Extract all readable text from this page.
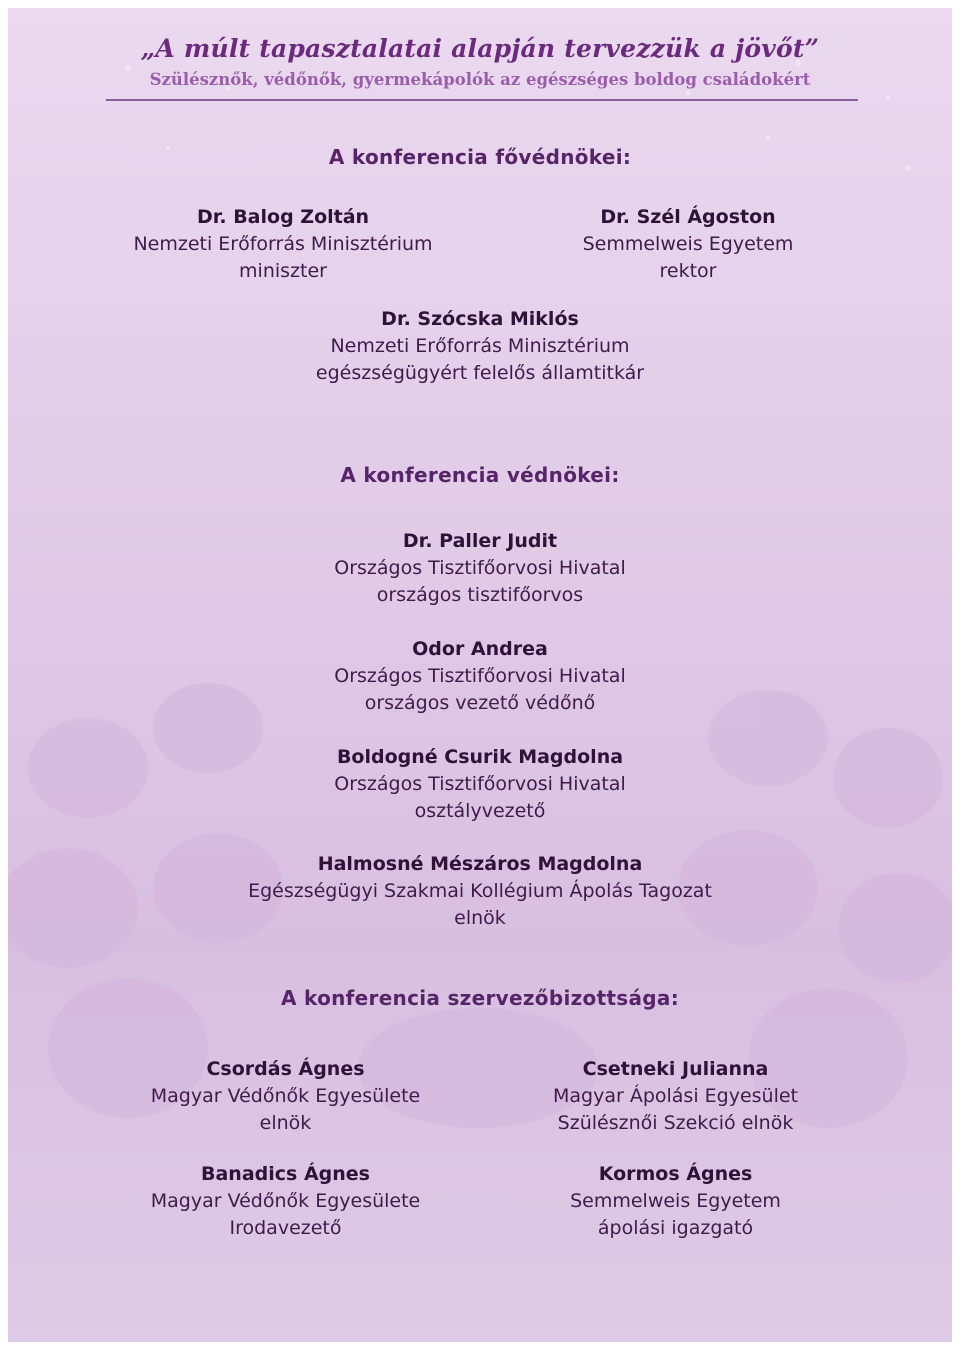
„A múlt tapasztalatai alapján tervezzük a jövőt”
Szülésznők, védőnők, gyermekápolók az egészséges boldog családokért
A konferencia fővédnökei:
Dr. Balog Zoltán
Nemzeti Erőforrás Minisztérium
miniszter
Dr. Szél Ágoston
Semmelweis Egyetem
rektor
Dr. Szócska Miklós
Nemzeti Erőforrás Minisztérium
egészségügyért felelős államtitkár
A konferencia védnökei:
Dr. Paller Judit
Országos Tisztifőorvosi Hivatal
országos tisztifőorvos
Odor Andrea
Országos Tisztifőorvosi Hivatal
országos vezető védőnő
Boldogné Csurik Magdolna
Országos Tisztifőorvosi Hivatal
osztályvezető
Halmosné Mészáros Magdolna
Egészségügyi Szakmai Kollégium Ápolás Tagozat
elnök
A konferencia szervezőbizottsága:
Csordás Ágnes
Magyar Védőnők Egyesülete
elnök
Csetneki Julianna
Magyar Ápolási Egyesület
Szülésznői Szekció elnök
Banadics Ágnes
Magyar Védőnők Egyesülete
Irodavezető
Kormos Ágnes
Semmelweis Egyetem
ápolási igazgató
